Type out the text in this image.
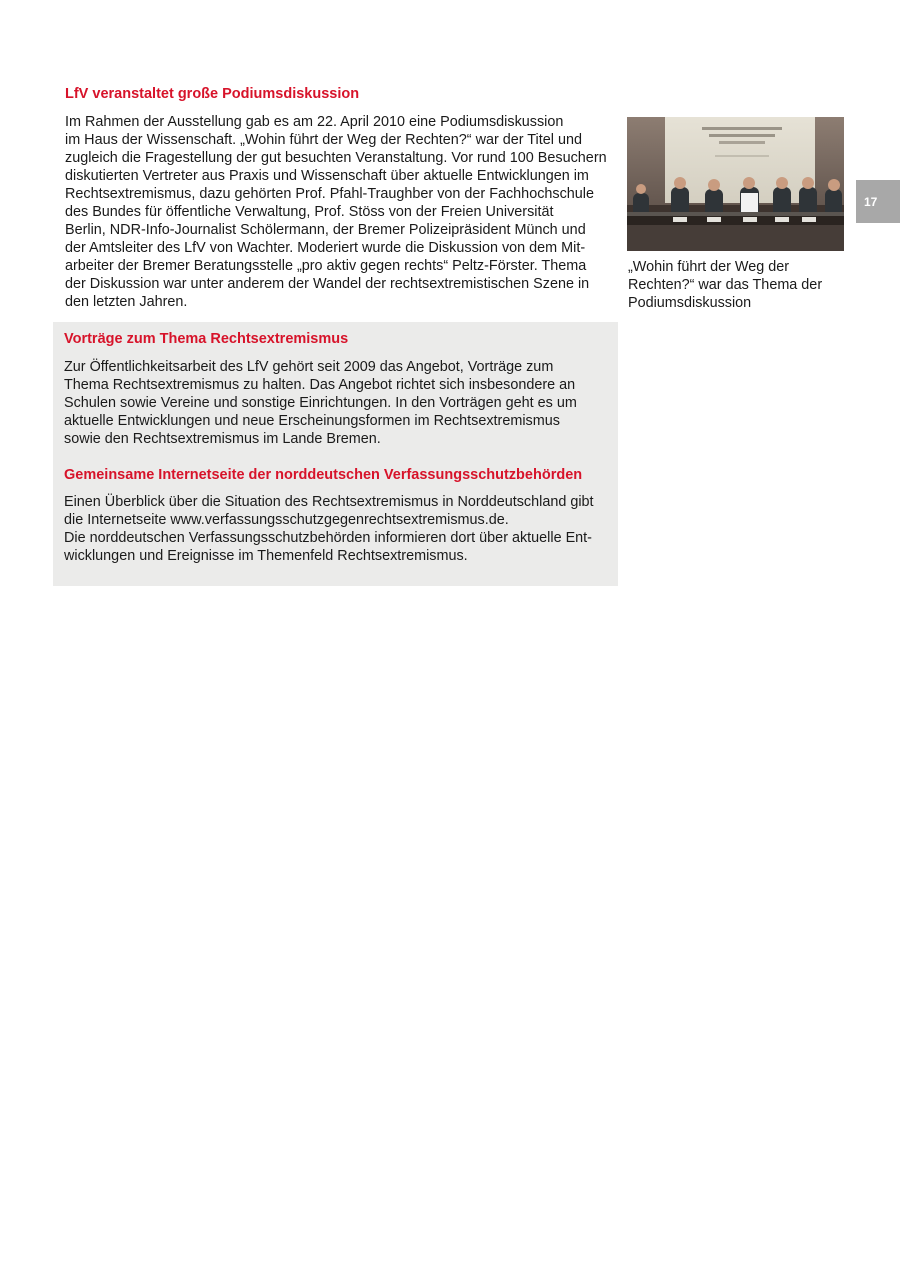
LfV veranstaltet große Podiumsdiskussion

Im Rahmen der Ausstellung gab es am 22. April 2010 eine Podiumsdiskussion
im Haus der Wissenschaft. „Wohin führt der Weg der Rechten?“ war der Titel und
zugleich die Fragestellung der gut besuchten Veranstaltung. Vor rund 100 Besuchern
diskutierten Vertreter aus Praxis und Wissenschaft über aktuelle Entwicklungen im
Rechtsextremismus, dazu gehörten Prof. Pfahl-Traughber von der Fachhochschule
des Bundes für öffentliche Verwaltung, Prof. Stöss von der Freien Universität
Berlin, NDR-Info-Journalist Schölermann, der Bremer Polizeipräsident Münch und
der Amtsleiter des LfV von Wachter. Moderiert wurde die Diskussion von dem Mit-
arbeiter der Bremer Beratungsstelle „pro aktiv gegen rechts“ Peltz-Förster. Thema
der Diskussion war unter anderem der Wandel der rechtsextremistischen Szene in
den letzten Jahren.

„Wohin führt der Weg der
Rechten?“ war das Thema der
Podiumsdiskussion
17
Vorträge zum Thema Rechtsextremismus

Zur Öffentlichkeitsarbeit des LfV gehört seit 2009 das Angebot, Vorträge zum
Thema Rechtsextremismus zu halten. Das Angebot richtet sich insbesondere an
Schulen sowie Vereine und sonstige Einrichtungen. In den Vorträgen geht es um
aktuelle Entwicklungen und neue Erscheinungsformen im Rechtsextremismus
sowie den Rechtsextremismus im Lande Bremen.

Gemeinsame Internetseite der norddeutschen Verfassungsschutzbehörden

Einen Überblick über die Situation des Rechtsextremismus in Norddeutschland gibt
die Internetseite www.verfassungsschutzgegenrechtsextremismus.de.
Die norddeutschen Verfassungsschutzbehörden informieren dort über aktuelle Ent-
wicklungen und Ereignisse im Themenfeld Rechtsextremismus.
